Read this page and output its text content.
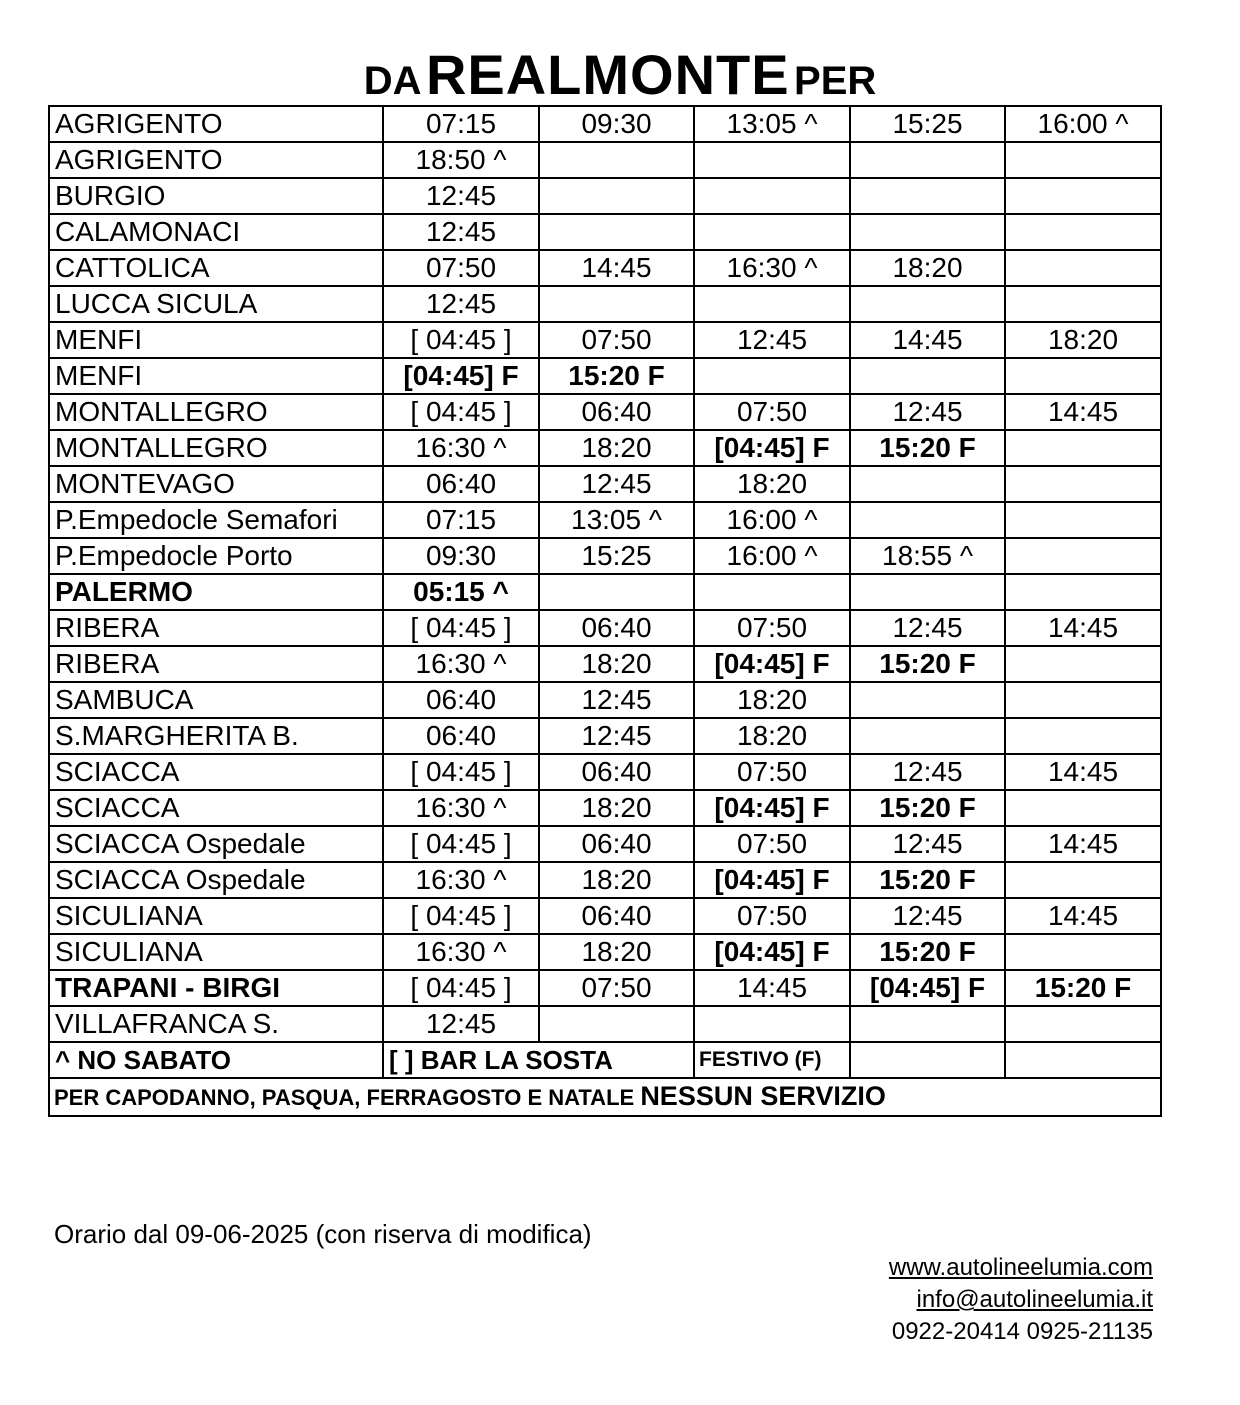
DA REALMONTE PER
AGRIGENTO	07:15	09:30	13:05 ^	15:25	16:00 ^
AGRIGENTO	18:50 ^				
BURGIO	12:45				
CALAMONACI	12:45				
CATTOLICA	07:50	14:45	16:30 ^	18:20	
LUCCA SICULA	12:45				
MENFI	[ 04:45 ]	07:50	12:45	14:45	18:20
MENFI	[04:45] F	15:20 F			
MONTALLEGRO	[ 04:45 ]	06:40	07:50	12:45	14:45
MONTALLEGRO	16:30 ^	18:20	[04:45] F	15:20 F	
MONTEVAGO	06:40	12:45	18:20		
P.Empedocle Semafori	07:15	13:05 ^	16:00 ^		
P.Empedocle Porto	09:30	15:25	16:00 ^	18:55 ^	
PALERMO	05:15 ^				
RIBERA	[ 04:45 ]	06:40	07:50	12:45	14:45
RIBERA	16:30 ^	18:20	[04:45] F	15:20 F	
SAMBUCA	06:40	12:45	18:20		
S.MARGHERITA B.	06:40	12:45	18:20		
SCIACCA	[ 04:45 ]	06:40	07:50	12:45	14:45
SCIACCA	16:30 ^	18:20	[04:45] F	15:20 F	
SCIACCA Ospedale	[ 04:45 ]	06:40	07:50	12:45	14:45
SCIACCA Ospedale	16:30 ^	18:20	[04:45] F	15:20 F	
SICULIANA	[ 04:45 ]	06:40	07:50	12:45	14:45
SICULIANA	16:30 ^	18:20	[04:45] F	15:20 F	
TRAPANI - BIRGI	[ 04:45 ]	07:50	14:45	[04:45] F	15:20 F
VILLAFRANCA S.	12:45				
^ NO SABATO	[ ] BAR LA SOSTA		FESTIVO (F)		
PER CAPODANNO, PASQUA, FERRAGOSTO E NATALE NESSUN SERVIZIO					
Orario dal 09-06-2025 (con riserva di modifica)
www.autolineelumia.com
info@autolineelumia.it
0922-20414 0925-21135
